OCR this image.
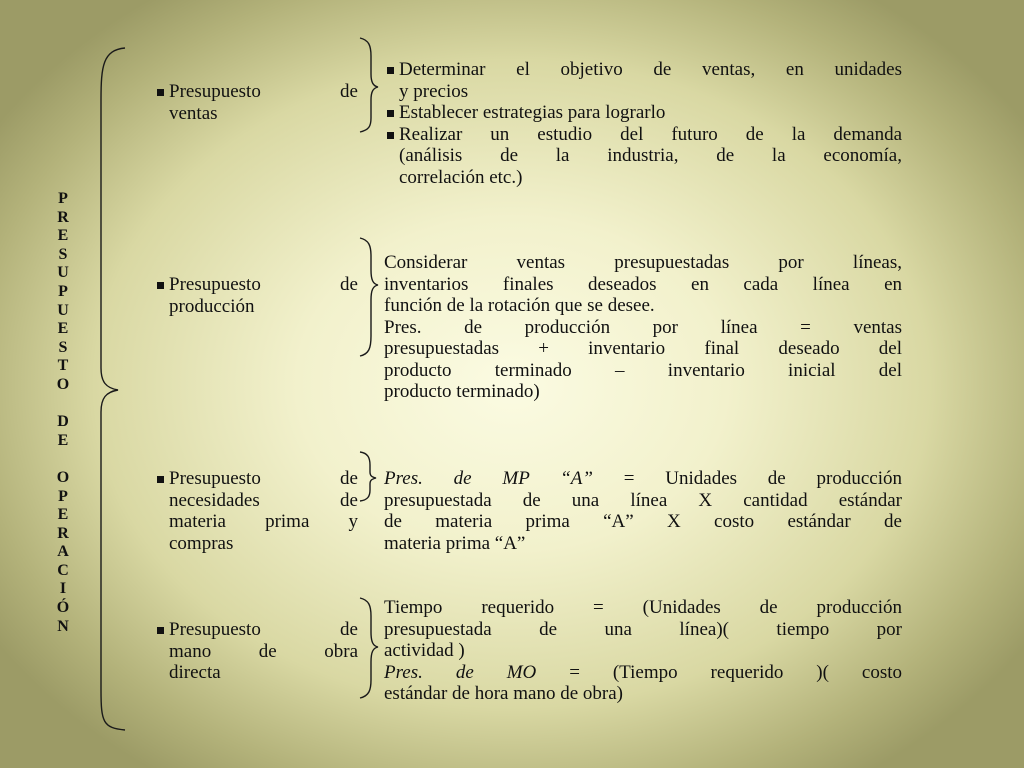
P
R
E
S
U
P
U
E
S
T
O
D
E
O
P
E
R
A
C
I
Ó
N
Presupuesto de
ventas
Determinar el objetivo de ventas, en unidades
y precios
Establecer estrategias para lograrlo
Realizar un estudio del futuro de la demanda
(análisis de la industria, de la economía,
correlación etc.)
Presupuesto de
producción
Considerar ventas presupuestadas por líneas,
inventarios finales deseados en cada línea en
función de la rotación que se desee.
Pres. de producción por línea = ventas
presupuestadas + inventario final deseado del
producto terminado – inventario inicial del
producto terminado)
Presupuesto de
necesidades de
materia prima y
compras
Pres. de MP “A” = Unidades de producción
presupuestada de una línea X cantidad estándar
de materia prima “A” X costo estándar de
materia prima “A”
Presupuesto de
mano de obra
directa
Tiempo requerido = (Unidades de producción
presupuestada de una línea)( tiempo por
actividad )
Pres. de MO = (Tiempo requerido )( costo
estándar de hora mano de obra)
